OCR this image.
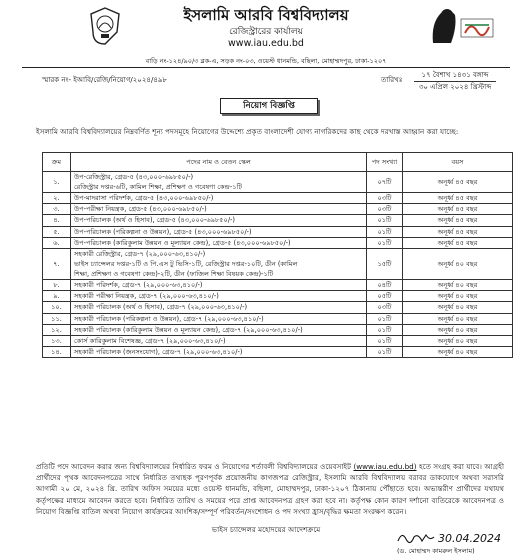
ইসলামি আরবি বিশ্ববিদ্যালয়
রেজিস্ট্রারের কার্যালয়
www.iau.edu.bd
বাড়ি নং-১২৪/৯০/৩ ব্লক-এ, সড়ক নং-০৩, ওয়েস্ট ধানমন্ডি, বছিলা, মোহাম্মদপুর, ঢাকা-১২০৭
স্মারক নং- ইআবি/রেজি/নিয়োগ/২০২৪/৪৯৮	তারিখঃ
১৭ বৈশাখ ১৪৩১ বঙ্গাব্দ
৩০ এপ্রিল ২০২৪ খ্রিস্টাব্দ
নিয়োগ বিজ্ঞপ্তি
ইসলামি আরবি বিশ্ববিদ্যালয়ের নিম্নবর্ণিত শূন্য পদসমূহে নিয়োগের উদ্দেশ্যে প্রকৃত বাংলাদেশী যোগ্য নাগরিকদের কাছ থেকে দরখাস্ত আহ্বান করা যাচ্ছে:
ক্রম	পদের নাম ও বেতন স্কেল	পদ সংখ্যা	বয়স
১.	উপ-রেজিস্ট্রার, গ্রেড-৫ (৪৩,০০০-৬৯৮৫০/-)
রেজিস্ট্রার দপ্তর-৬টি, কামিল শিক্ষা, প্রশিক্ষণ ও গবেষণা কেন্দ্র-১টি	০৭টি	অনূর্ধ্ব ৪৫ বছর
২.	উপ-মাদরাসা পরিদর্শক, গ্রেড-৫ (৪৩,০০০-৬৯৮৫০/-)	০৩টি	অনূর্ধ্ব ৪৫ বছর
৩.	উপ-পরীক্ষা নিয়ন্ত্রক, গ্রেড-৫ (৪৩,০০০-৬৯৮৫০/-)	০৩টি	অনূর্ধ্ব ৪৫ বছর
৪.	উপ-পরিচালক (অর্থ ও হিসাব), গ্রেড-৫ (৪৩,০০০-৬৯৮৫০/-)	০১টি	অনূর্ধ্ব ৪৫ বছর
৫.	উপ-পরিচালক (পরিকল্পনা ও উন্নয়ন), গ্রেড-৫ (৪৩,০০০-৬৯৮৫০/-)	০১টি	অনূর্ধ্ব ৪৫ বছর
৬.	উপ-পরিচালক (কারিকুলাম উন্নয়ন ও মূল্যায়ন কেন্দ্র), গ্রেড-৫ (৪৩,০০০-৬৯৮৫০/-)	০১টি	অনূর্ধ্ব ৪৫ বছর
৭.	সহকারী রেজিস্ট্রার, গ্রেড-৭ (২৯,০০০-৬৩,৪১০/-)
ভাইস চ্যান্সেলর দপ্তর-১টি ও পি.এস টু ভিসি-১টি, রেজিস্ট্রার দপ্তর-১০টি, ডীন (কামিল
শিক্ষা, প্রশিক্ষণ ও গবেষণা কেন্দ্র)-২টি, ডীন (ফাজিল শিক্ষা বিষয়ক কেন্দ্র)-১টি	১৫টি	অনূর্ধ্ব ৪০ বছর
৮.	সহকারী পরিদর্শক, গ্রেড-৭ (২৯,০০০-৬৩,৪১০/-)	০৪টি	অনূর্ধ্ব ৪০ বছর
৯.	সহকারী পরীক্ষা নিয়ন্ত্রক, গ্রেড-৭ (২৯,০০০-৬৩,৪১০/-)	০৫টি	অনূর্ধ্ব ৪০ বছর
১০.	সহকারী পরিচালক (অর্থ ও হিসাব), গ্রেড-৭ (২৯,০০০-৬৩,৪১০/-)	০৩টি	অনূর্ধ্ব ৪০ বছর
১১.	সহকারী পরিচালক (পরিকল্পনা ও উন্নয়ন), গ্রেড-৭ (২৯,০০০-৬৩,৪১০/-)	০১টি	অনূর্ধ্ব ৪০ বছর
১২.	সহকারী পরিচালক (কারিকুলাম উন্নয়ন ও মূল্যায়ন কেন্দ্র), গ্রেড-৭ (২৯,০০০-৬৩,৪১০/-)	০১টি	অনূর্ধ্ব ৪০ বছর
১৩.	কোর্স কারিকুলাম বিশেষজ্ঞ, গ্রেড-৭ (২৯,০০০-৬৩,৪১০/-)	০১টি	অনূর্ধ্ব ৪০ বছর
১৪.	সহকারী পরিচালক (জনসংযোগ), গ্রেড-৭ (২৯,০০০-৬৩,৪১০/-)	০১টি	অনূর্ধ্ব ৪০ বছর
প্রতিটি পদে আবেদন করার জন্য বিশ্ববিদ্যালয়ের নির্ধারিত ফরম ও নিয়োগের শর্তাবলী বিশ্ববিদ্যালয়ের ওয়েবসাইট (www.iau.edu.bd) হতে সংগ্রহ করা যাবে। আগ্রহী প্রার্থীদের পৃথক আবেদনপত্রের সাথে নির্ধারিত তথ্যছক পূরণপূর্বক প্রয়োজনীয় কাগজপত্র রেজিস্ট্রার, ইসলামি আরবি বিশ্ববিদ্যালয় বরাবর ডাকযোগে অথবা সরাসরি আগামী ২০ মে, ২০২৪ খ্রি. তারিখ অফিস সময়ের মধ্যে ওয়েস্ট ধানমন্ডি, বছিলা, মোহাম্মদপুর, ঢাকা-১২০৭ ঠিকানায় পৌঁছাতে হবে। অভ্যন্তরীণ প্রার্থীদের যথাযথ কর্তৃপক্ষের মাধ্যমে আবেদন করতে হবে। নির্ধারিত তারিখ ও সময়ের পরে প্রাপ্ত আবেদনপত্র গ্রহণ করা হবে না। কর্তৃপক্ষ কোন কারণ দর্শানো ব্যতিরেকে আবেদনপত্র ও নিয়োগ বিজ্ঞপ্তি বাতিল অথবা নিয়োগ কার্যক্রমের আংশিক/সম্পূর্ণ পরিবর্তন/সংশোধন ও পদ সংখ্যা হ্রাস/বৃদ্ধির ক্ষমতা সংরক্ষণ করেন।
ভাইস চ্যান্সেলর মহোদয়ের আদেশক্রমে
30.04.2024
(ড. মোহাম্মদ কামরুল ইসলাম)
